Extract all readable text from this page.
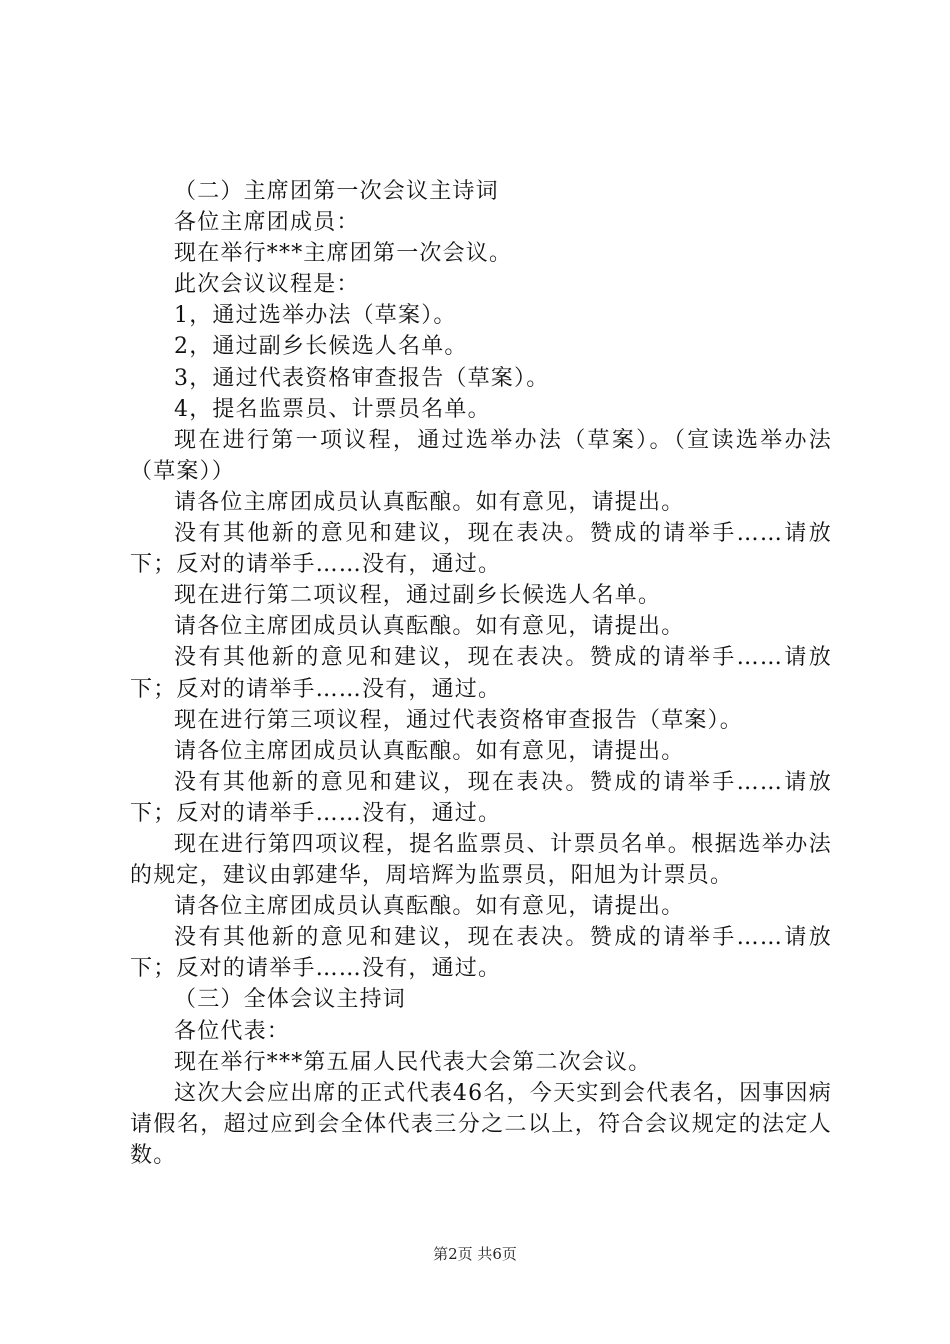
（二）主席团第一次会议主诗词

各位主席团成员：

现在举行***主席团第一次会议。

此次会议议程是：

1，通过选举办法（草案）。

2，通过副乡长候选人名单。

3，通过代表资格审查报告（草案）。

4，提名监票员、计票员名单。

现在进行第一项议程，通过选举办法（草案）。（宣读选举办法（草案））

请各位主席团成员认真酝酿。如有意见，请提出。

没有其他新的意见和建议，现在表决。赞成的请举手……请放下；反对的请举手……没有，通过。

现在进行第二项议程，通过副乡长候选人名单。

请各位主席团成员认真酝酿。如有意见，请提出。

没有其他新的意见和建议，现在表决。赞成的请举手……请放下；反对的请举手……没有，通过。

现在进行第三项议程，通过代表资格审查报告（草案）。

请各位主席团成员认真酝酿。如有意见，请提出。

没有其他新的意见和建议，现在表决。赞成的请举手……请放下；反对的请举手……没有，通过。

现在进行第四项议程，提名监票员、计票员名单。根据选举办法的规定，建议由郭建华，周培辉为监票员，阳旭为计票员。

请各位主席团成员认真酝酿。如有意见，请提出。

没有其他新的意见和建议，现在表决。赞成的请举手……请放下；反对的请举手……没有，通过。

（三）全体会议主持词

各位代表：

现在举行***第五届人民代表大会第二次会议。

这次大会应出席的正式代表46名，今天实到会代表名，因事因病请假名，超过应到会全体代表三分之二以上，符合会议规定的法定人数。

第2页 共6页
